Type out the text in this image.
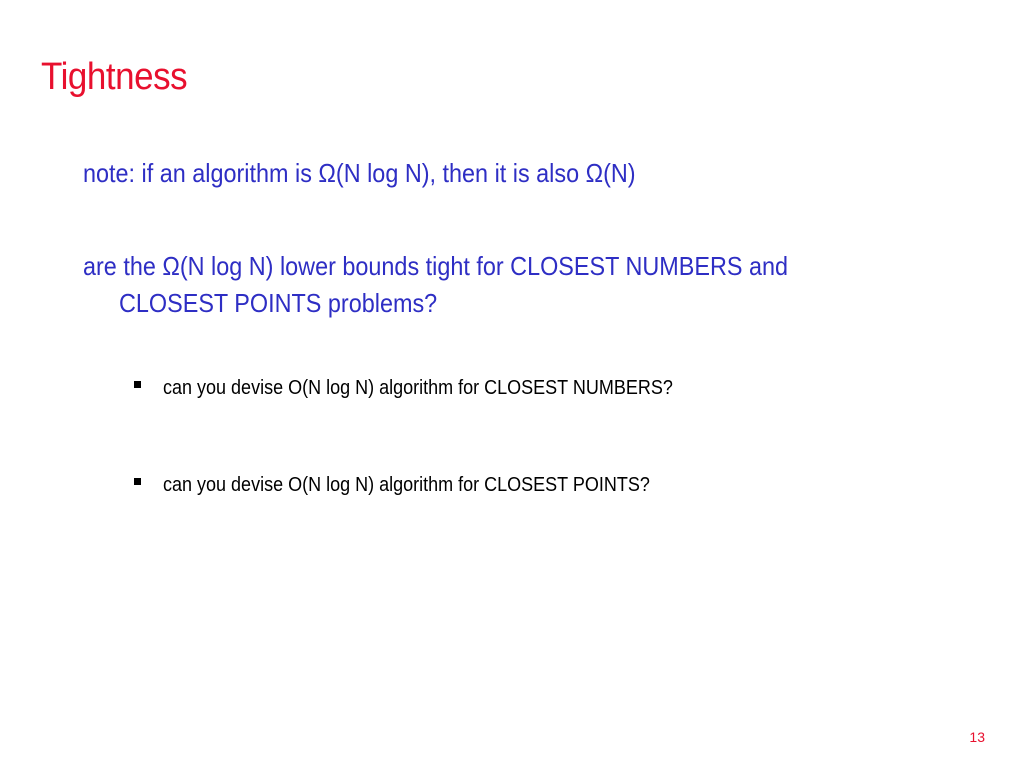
Tightness
note: if an algorithm is Ω(N log N), then it is also Ω(N)
are the Ω(N log N) lower bounds tight for CLOSEST NUMBERS and
CLOSEST POINTS problems?
can you devise O(N log N) algorithm for CLOSEST NUMBERS?
can you devise O(N log N) algorithm for CLOSEST POINTS?
13
